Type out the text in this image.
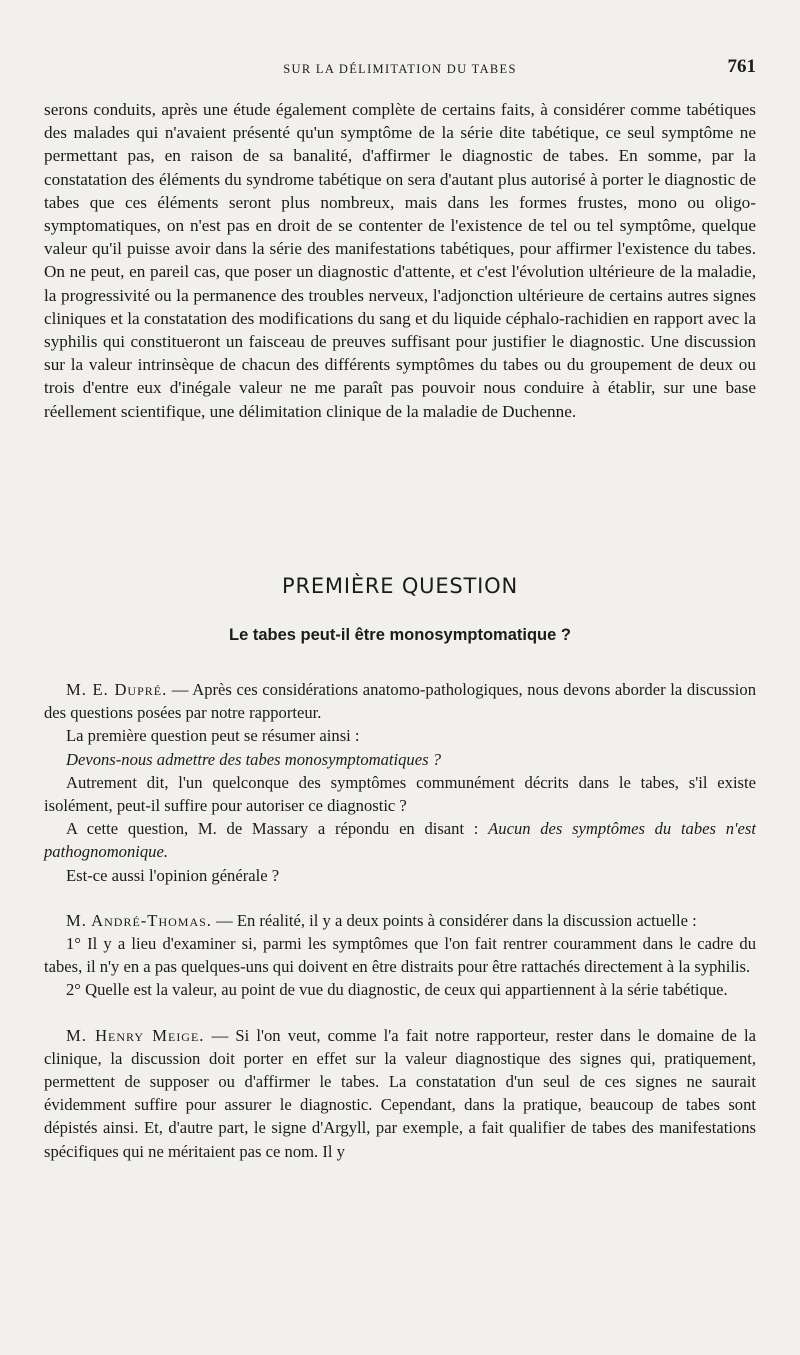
SUR LA DÉLIMITATION DU TABES	761

serons conduits, après une étude également complète de certains faits, à considérer comme tabétiques des malades qui n'avaient présenté qu'un symptôme de la série dite tabétique, ce seul symptôme ne permettant pas, en raison de sa banalité, d'affirmer le diagnostic de tabes. En somme, par la constatation des éléments du syndrome tabétique on sera d'autant plus autorisé à porter le diagnostic de tabes que ces éléments seront plus nombreux, mais dans les formes frustes, mono ou oligo-symptomatiques, on n'est pas en droit de se contenter de l'existence de tel ou tel symptôme, quelque valeur qu'il puisse avoir dans la série des manifestations tabétiques, pour affirmer l'existence du tabes. On ne peut, en pareil cas, que poser un diagnostic d'attente, et c'est l'évolution ultérieure de la maladie, la progressivité ou la permanence des troubles nerveux, l'adjonction ultérieure de certains autres signes cliniques et la constatation des modifications du sang et du liquide céphalo-rachidien en rapport avec la syphilis qui constitueront un faisceau de preuves suffisant pour justifier le diagnostic. Une discussion sur la valeur intrinsèque de chacun des différents symptômes du tabes ou du groupement de deux ou trois d'entre eux d'inégale valeur ne me paraît pas pouvoir nous conduire à établir, sur une base réellement scientifique, une délimitation clinique de la maladie de Duchenne.

PREMIÈRE QUESTION
Le tabes peut-il être monosymptomatique ?

M. E. Dupré. — Après ces considérations anatomo-pathologiques, nous devons aborder la discussion des questions posées par notre rapporteur.

La première question peut se résumer ainsi :

Devons-nous admettre des tabes monosymptomatiques ?

Autrement dit, l'un quelconque des symptômes communément décrits dans le tabes, s'il existe isolément, peut-il suffire pour autoriser ce diagnostic ?

A cette question, M. de Massary a répondu en disant : Aucun des symptômes du tabes n'est pathognomonique.

Est-ce aussi l'opinion générale ?

M. André-Thomas. — En réalité, il y a deux points à considérer dans la discussion actuelle :

1° Il y a lieu d'examiner si, parmi les symptômes que l'on fait rentrer couramment dans le cadre du tabes, il n'y en a pas quelques-uns qui doivent en être distraits pour être rattachés directement à la syphilis.

2° Quelle est la valeur, au point de vue du diagnostic, de ceux qui appartiennent à la série tabétique.

M. Henry Meige. — Si l'on veut, comme l'a fait notre rapporteur, rester dans le domaine de la clinique, la discussion doit porter en effet sur la valeur diagnostique des signes qui, pratiquement, permettent de supposer ou d'affirmer le tabes. La constatation d'un seul de ces signes ne saurait évidemment suffire pour assurer le diagnostic. Cependant, dans la pratique, beaucoup de tabes sont dépistés ainsi. Et, d'autre part, le signe d'Argyll, par exemple, a fait qualifier de tabes des manifestations spécifiques qui ne méritaient pas ce nom. Il y
